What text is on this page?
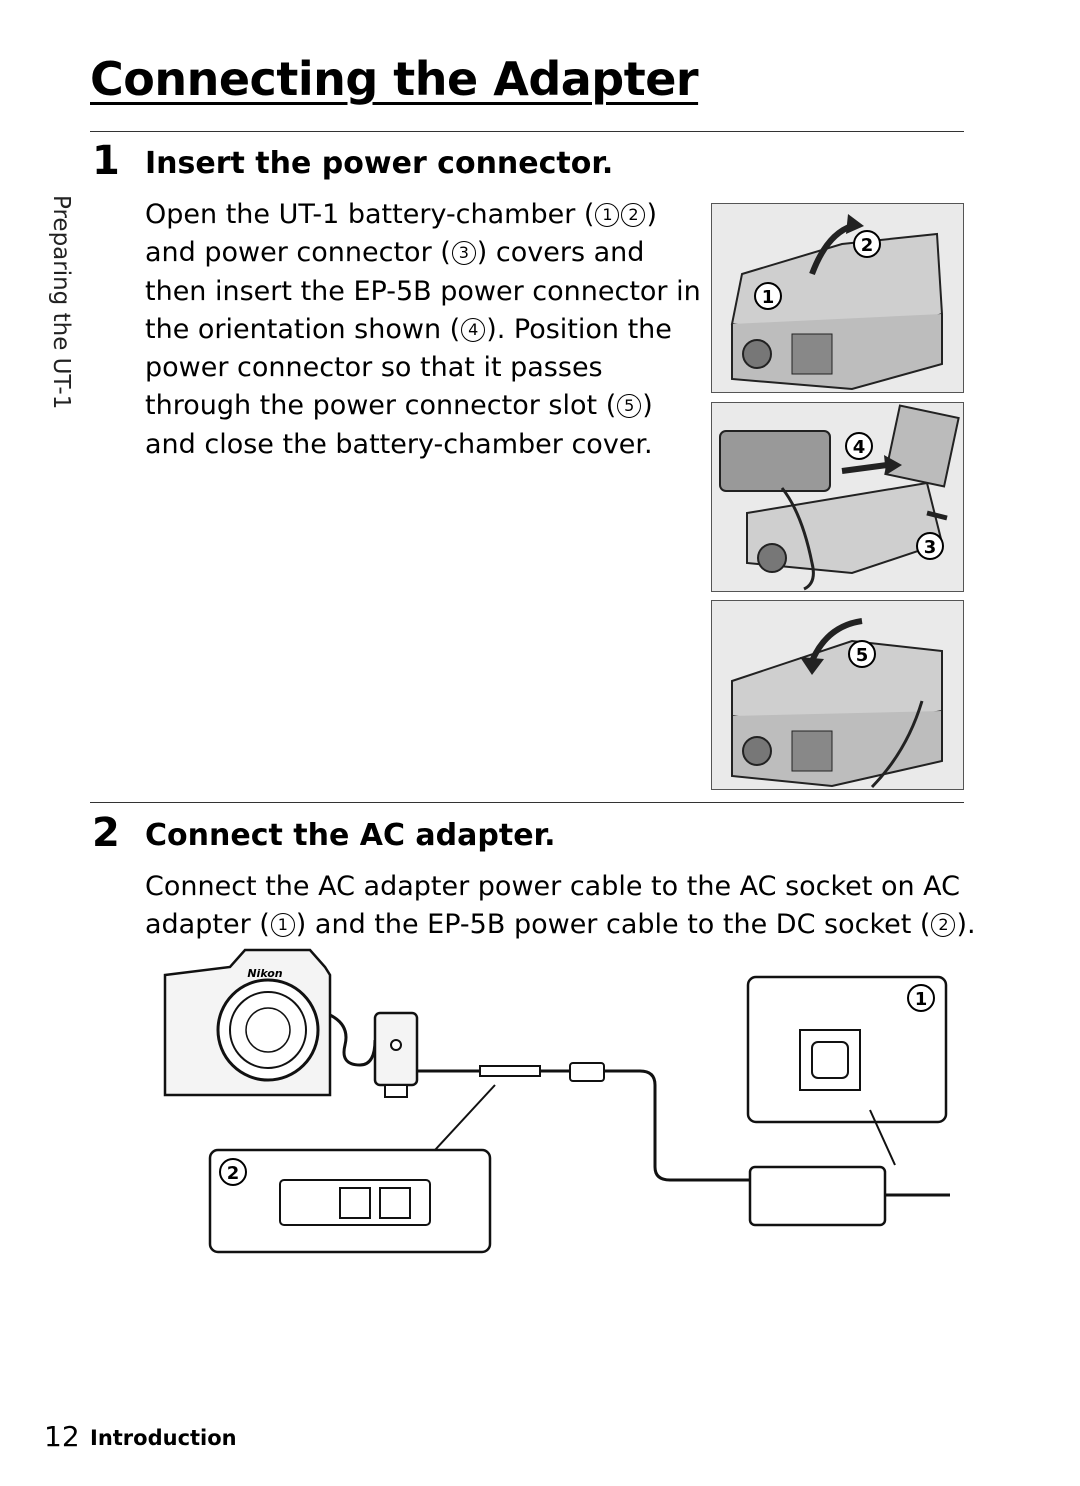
Connecting the Adapter
Preparing the UT-1
1 Insert the power connector.
Open the UT-1 battery-chamber ( 1 2 )
and power connector ( 3 ) covers and
then insert the EP-5B power connector in
the orientation shown ( 4 ). Position the
power connector so that it passes
through the power connector slot ( 5 )
and close the battery-chamber cover.
2
1
4
3
5
2 Connect the AC adapter.
Connect the AC adapter power cable to the AC socket on AC
adapter ( 1 ) and the EP-5B power cable to the DC socket ( 2 ).
Nikon
1
2
12 Introduction
